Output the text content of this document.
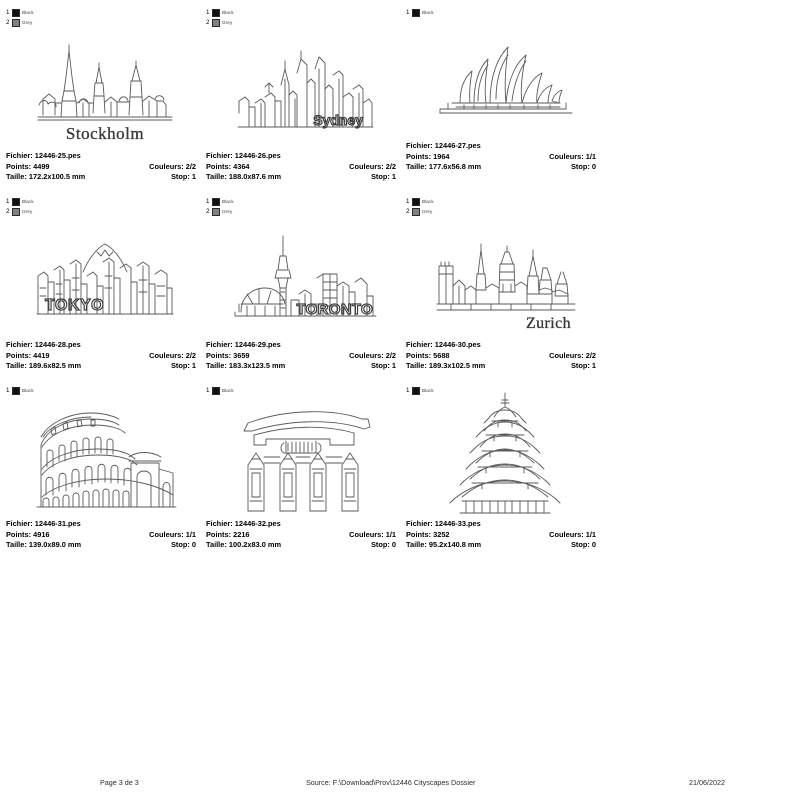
1	Black
2	Grey
Stockholm
Fichier: 12446-25.pes
Points: 4499
Taille: 172.2x100.5 mm
Couleurs: 2/2
Stop: 1
1	Black
2	Grey
Sydney
Fichier: 12446-26.pes
Points: 4364
Taille: 188.0x87.6 mm
Couleurs: 2/2
Stop: 1
1	Black
Fichier: 12446-27.pes
Points: 1964
Taille: 177.6x56.8 mm
Couleurs: 1/1
Stop: 0
1	Black
2	Grey
TOKYO
Fichier: 12446-28.pes
Points: 4419
Taille: 189.6x82.5 mm
Couleurs: 2/2
Stop: 1
1	Black
2	Grey
TORONTO
Fichier: 12446-29.pes
Points: 3659
Taille: 183.3x123.5 mm
Couleurs: 2/2
Stop: 1
1	Black
2	Grey
Zurich
Fichier: 12446-30.pes
Points: 5688
Taille: 189.3x102.5 mm
Couleurs: 2/2
Stop: 1
1	Black
Fichier: 12446-31.pes
Points: 4916
Taille: 139.0x89.0 mm
Couleurs: 1/1
Stop: 0
1	Black
Fichier: 12446-32.pes
Points: 2216
Taille: 100.2x83.0 mm
Couleurs: 1/1
Stop: 0
1	Black
Fichier: 12446-33.pes
Points: 3252
Taille: 95.2x140.8 mm
Couleurs: 1/1
Stop: 0
Page 3 de 3	Source: F:\Download\Prov\12446 Cityscapes Dossier	21/06/2022
